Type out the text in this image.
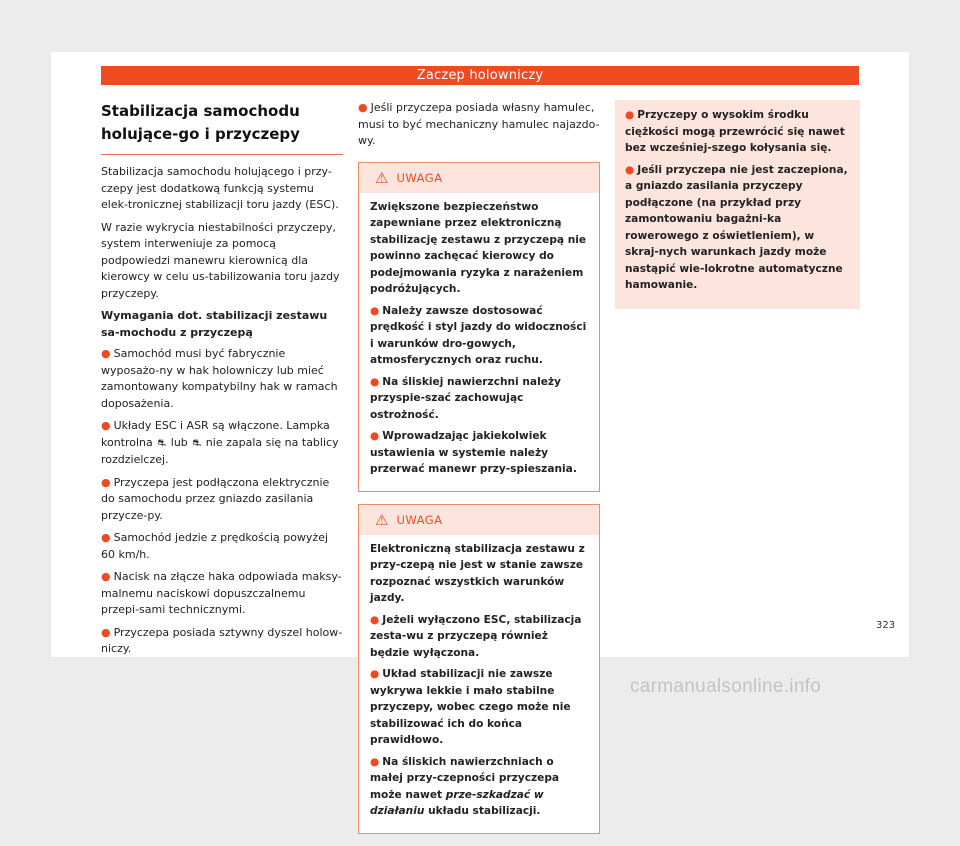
Zaczep holowniczy
Stabilizacja samochodu holujące-go i przyczepy

Stabilizacja samochodu holującego i przy-czepy jest dodatkową funkcją systemu elek-tronicznej stabilizacji toru jazdy (ESC).

W razie wykrycia niestabilności przyczepy, system interweniuje za pomocą podpowiedzi manewru kierownicą dla kierowcy w celu us-tabilizowania toru jazdy przyczepy.

Wymagania dot. stabilizacji zestawu sa-mochodu z przyczepą

● Samochód musi być fabrycznie wyposażo-ny w hak holowniczy lub mieć zamontowany kompatybilny hak w ramach doposażenia.

● Układy ESC i ASR są włączone. Lampka kontrolna ⛐ lub ⛐ nie zapala się na tablicy rozdzielczej.

● Przyczepa jest podłączona elektrycznie do samochodu przez gniazdo zasilania przycze-py.

● Samochód jedzie z prędkością powyżej 60 km/h.

● Nacisk na złącze haka odpowiada maksy-malnemu naciskowi dopuszczalnemu przepi-sami technicznymi.

● Przyczepa posiada sztywny dyszel holow-niczy.

● Jeśli przyczepa posiada własny hamulec, musi to być mechaniczny hamulec najazdo-wy.

⚠ UWAGA

Zwiększone bezpieczeństwo zapewniane przez elektroniczną stabilizację zestawu z przyczepą nie powinno zachęcać kierowcy do podejmowania ryzyka z narażeniem podróżujących.

● Należy zawsze dostosować prędkość i styl jazdy do widoczności i warunków dro-gowych, atmosferycznych oraz ruchu.

● Na śliskiej nawierzchni należy przyspie-szać zachowując ostrożność.

● Wprowadzając jakiekolwiek ustawienia w systemie należy przerwać manewr przy-spieszania.

⚠ UWAGA

Elektroniczną stabilizacja zestawu z przy-czepą nie jest w stanie zawsze rozpoznać wszystkich warunków jazdy.

● Jeżeli wyłączono ESC, stabilizacja zesta-wu z przyczepą również będzie wyłączona.

● Układ stabilizacji nie zawsze wykrywa lekkie i mało stabilne przyczepy, wobec czego może nie stabilizować ich do końca prawidłowo.

● Na śliskich nawierzchniach o małej przy-czepności przyczepa może nawet prze-szkadzać w działaniu układu stabilizacji.

● Przyczepy o wysokim środku ciężkości mogą przewrócić się nawet bez wcześniej-szego kołysania się.

● Jeśli przyczepa nie jest zaczepiona, a gniazdo zasilania przyczepy podłączone (na przykład przy zamontowaniu bagażni-ka rowerowego z oświetleniem), w skraj-nych warunkach jazdy może nastąpić wie-lokrotne automatyczne hamowanie.

323
carmanualsonline.info
